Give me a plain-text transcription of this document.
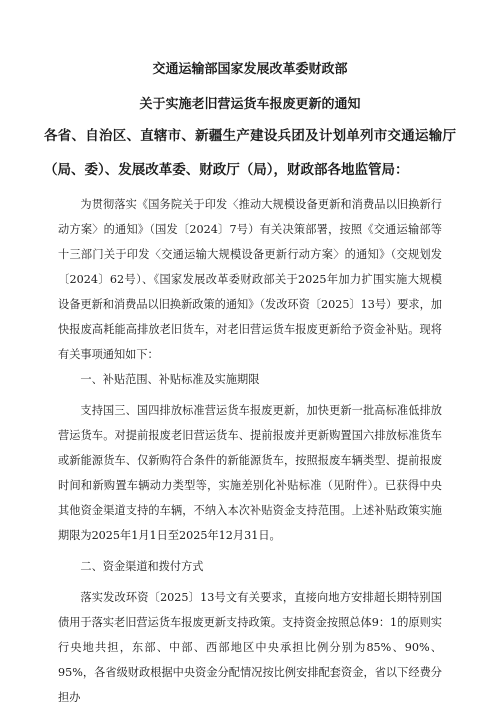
交通运输部国家发展改革委财政部
关于实施老旧营运货车报废更新的通知

各省、自治区、直辖市、新疆生产建设兵团及计划单列市交通运输厅（局、委）、发展改革委、财政厅（局），财政部各地监管局：

为贯彻落实《国务院关于印发〈推动大规模设备更新和消费品以旧换新行动方案〉的通知》（国发〔2024〕7号）有关决策部署，按照《交通运输部等十三部门关于印发〈交通运输大规模设备更新行动方案〉的通知》（交规划发〔2024〕62号）、《国家发展改革委财政部关于2025年加力扩围实施大规模设备更新和消费品以旧换新政策的通知》（发改环资〔2025〕13号）要求，加快报废高耗能高排放老旧货车，对老旧营运货车报废更新给予资金补贴。现将有关事项通知如下：

一、补贴范围、补贴标准及实施期限

支持国三、国四排放标准营运货车报废更新，加快更新一批高标准低排放营运货车。对提前报废老旧营运货车、提前报废并更新购置国六排放标准货车或新能源货车、仅新购符合条件的新能源货车，按照报废车辆类型、提前报废时间和新购置车辆动力类型等，实施差别化补贴标准（见附件）。已获得中央其他资金渠道支持的车辆，不纳入本次补贴资金支持范围。上述补贴政策实施期限为2025年1月1日至2025年12月31日。

二、资金渠道和拨付方式

落实发改环资〔2025〕13号文有关要求，直接向地方安排超长期特别国债用于落实老旧营运货车报废更新支持政策。支持资金按照总体9：1的原则实行央地共担，东部、中部、西部地区中央承担比例分别为85%、90%、95%，各省级财政根据中央资金分配情况按比例安排配套资金，省以下经费分担办
